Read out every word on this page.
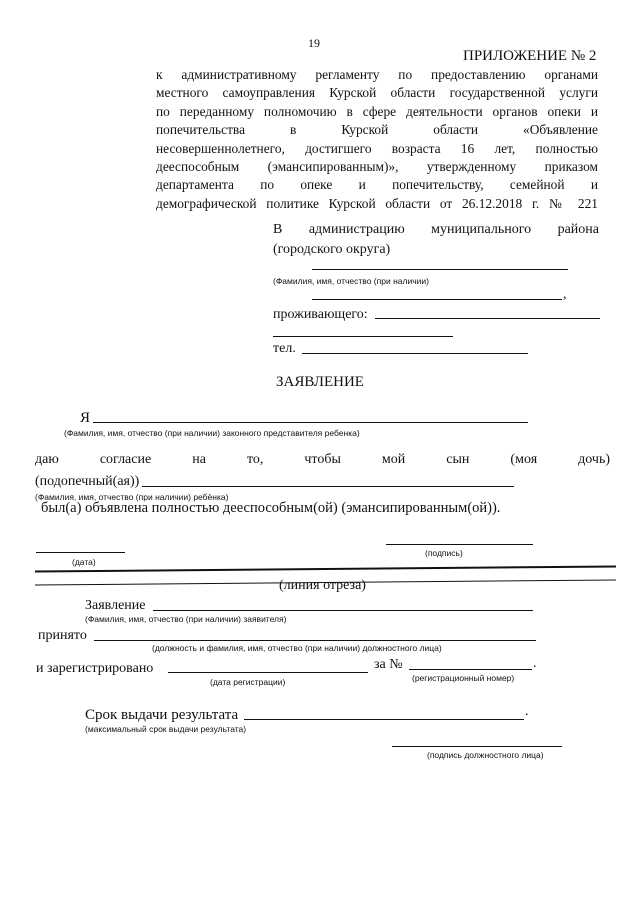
19
ПРИЛОЖЕНИЕ № 2
к административному регламенту по предоставлению органами
местного самоуправления Курской области государственной услуги
по переданному полномочию в сфере деятельности органов опеки и
попечительства в Курской области «Объявление
несовершеннолетнего, достигшего возраста 16 лет, полностью
дееспособным (эмансипированным)», утвержденному приказом
департамента по опеке и попечительству, семейной и
демографической политике Курской области от 26.12.2018 г. № 221
В администрацию муниципального района
(городского округа)
(Фамилия, имя, отчество (при наличии)
,
проживающего:
тел.
ЗАЯВЛЕНИЕ
Я
(Фамилия, имя, отчество (при наличии) законного представителя ребенка)
даю согласие на то, чтобы мой сын (моя дочь)
(подопечный(ая))
(Фамилия, имя, отчество (при наличии) ребёнка)
был(а) объявлена полностью дееспособным(ой) (эмансипированным(ой)).
(дата)
(подпись)
(линия отреза)
Заявление
(Фамилия, имя, отчество (при наличии) заявителя)
принято
(должность и фамилия, имя, отчество (при наличии) должностного лица)
и зарегистрировано	за №	.
(дата регистрации)	(регистрационный номер)
Срок выдачи результата	.
(максимальный срок выдачи результата)
(подпись должностного лица)
